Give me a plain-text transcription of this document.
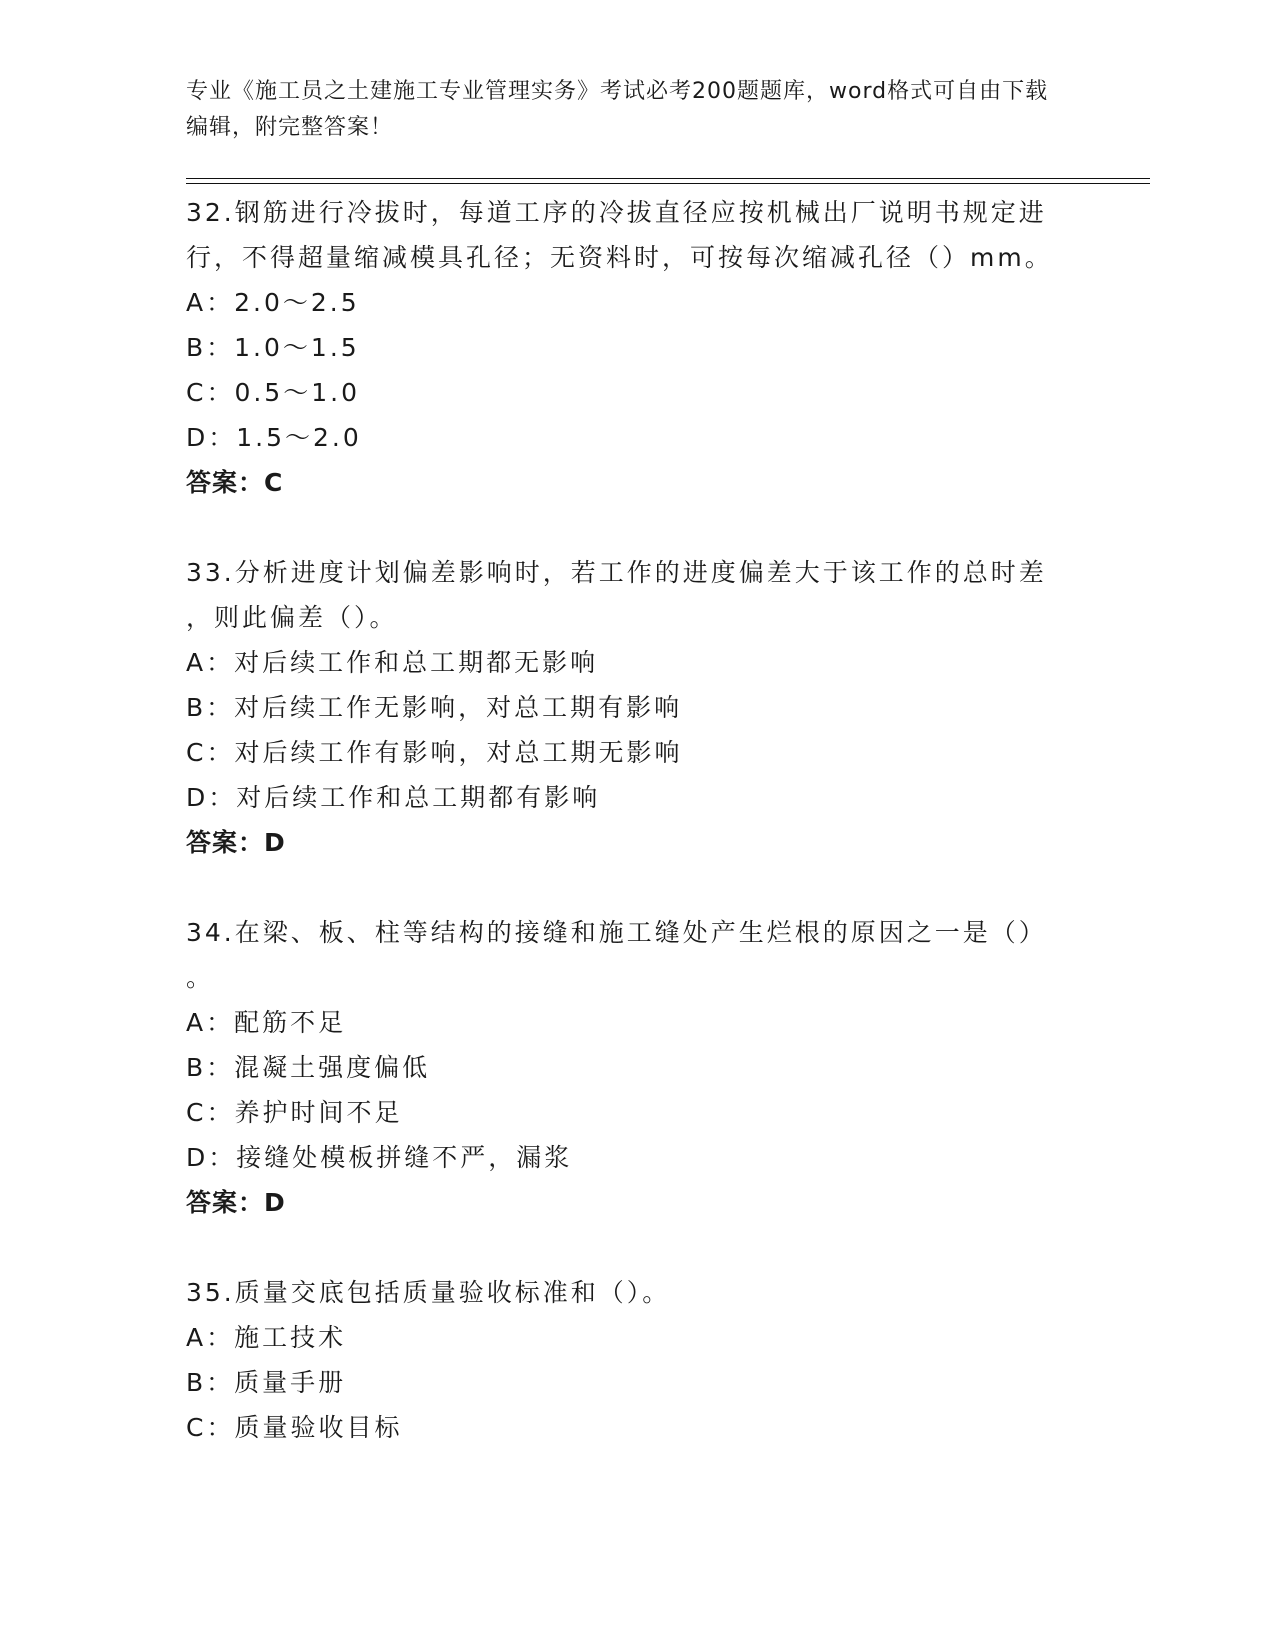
专业《施工员之土建施工专业管理实务》考试必考200题题库，word格式可自由下载编辑，附完整答案！
32.钢筋进行冷拔时，每道工序的冷拔直径应按机械出厂说明书规定进
行，不得超量缩减模具孔径；无资料时，可按每次缩减孔径（）mm。
A：2.0～2.5
B：1.0～1.5
C：0.5～1.0
D：1.5～2.0
答案：C
33.分析进度计划偏差影响时，若工作的进度偏差大于该工作的总时差
，则此偏差（）。
A：对后续工作和总工期都无影响
B：对后续工作无影响，对总工期有影响
C：对后续工作有影响，对总工期无影响
D：对后续工作和总工期都有影响
答案：D
34.在梁、板、柱等结构的接缝和施工缝处产生烂根的原因之一是（）
。
A：配筋不足
B：混凝土强度偏低
C：养护时间不足
D：接缝处模板拼缝不严，漏浆
答案：D
35.质量交底包括质量验收标准和（）。
A：施工技术
B：质量手册
C：质量验收目标
